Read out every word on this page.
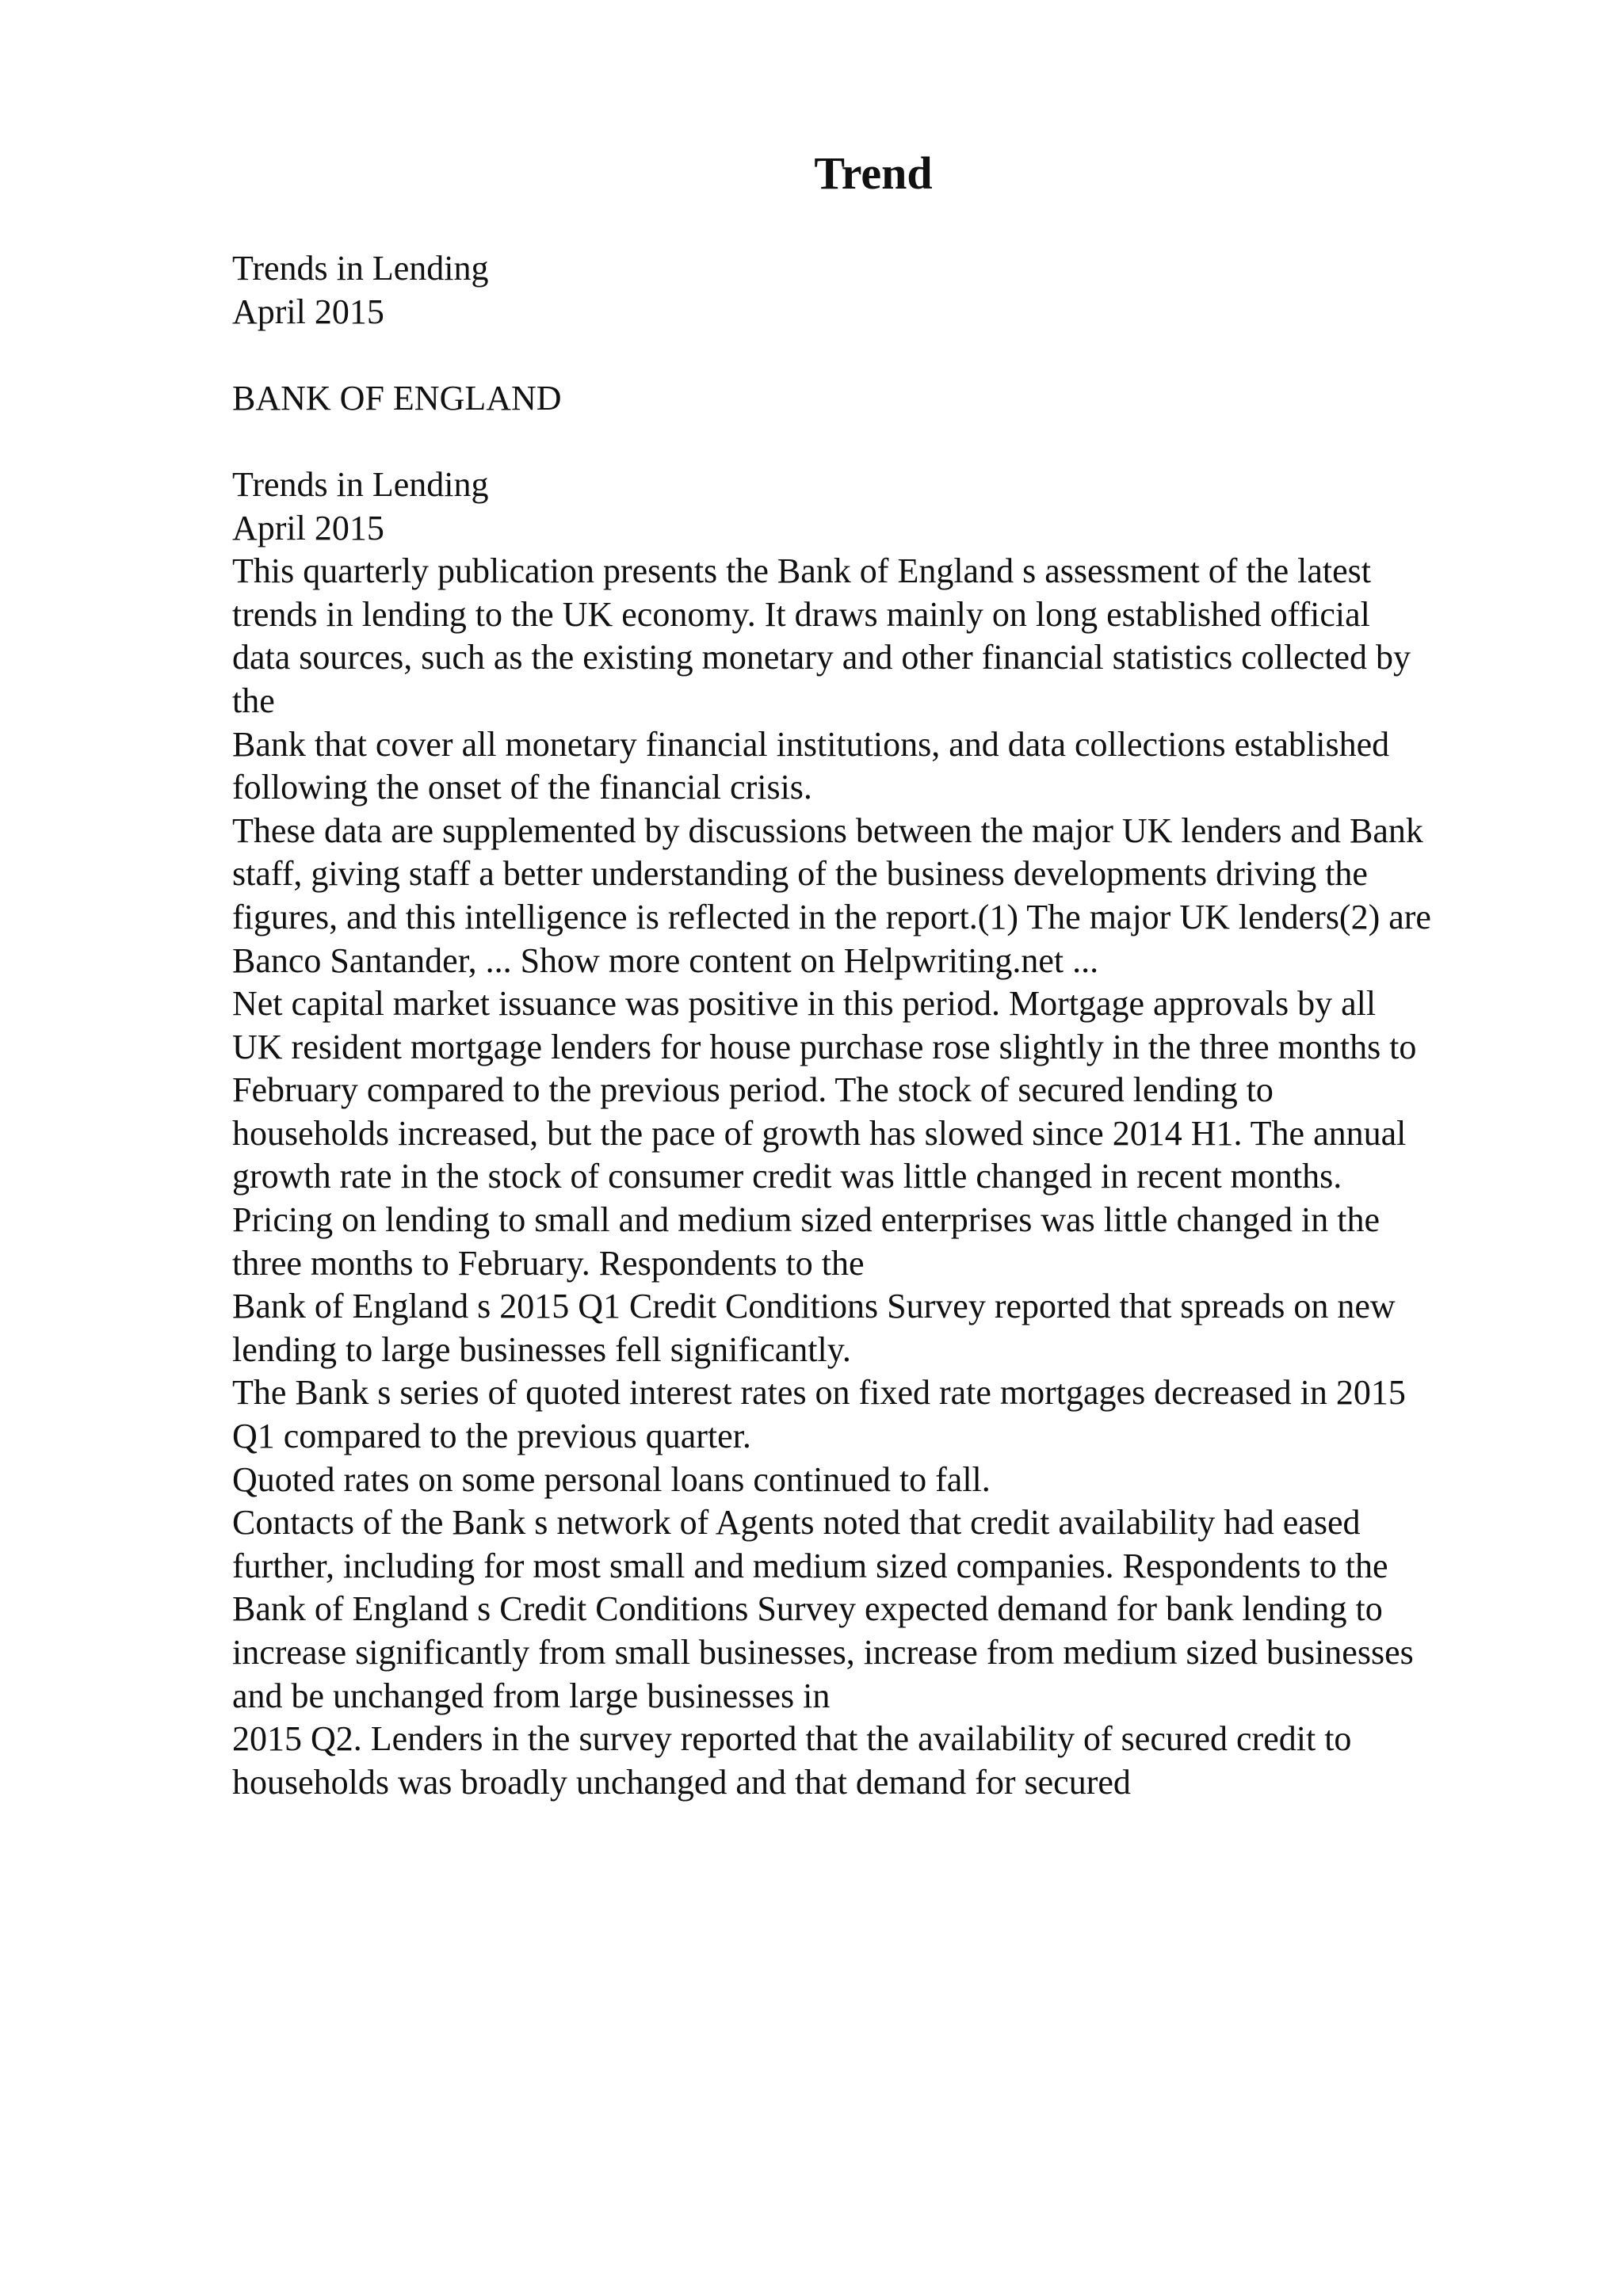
Trend
Trends in Lending
April 2015
BANK OF ENGLAND
Trends in Lending
April 2015
This quarterly publication presents the Bank of England s assessment of the latest
trends in lending to the UK economy. It draws mainly on long established official
data sources, such as the existing monetary and other financial statistics collected by
the
Bank that cover all monetary financial institutions, and data collections established
following the onset of the financial crisis.
These data are supplemented by discussions between the major UK lenders and Bank
staff, giving staff a better understanding of the business developments driving the
figures, and this intelligence is reflected in the report.(1) The major UK lenders(2) are
Banco Santander, ... Show more content on Helpwriting.net ...
Net capital market issuance was positive in this period. Mortgage approvals by all
UK resident mortgage lenders for house purchase rose slightly in the three months to
February compared to the previous period. The stock of secured lending to
households increased, but the pace of growth has slowed since 2014 H1. The annual
growth rate in the stock of consumer credit was little changed in recent months.
Pricing on lending to small and medium sized enterprises was little changed in the
three months to February. Respondents to the
Bank of England s 2015 Q1 Credit Conditions Survey reported that spreads on new
lending to large businesses fell significantly.
The Bank s series of quoted interest rates on fixed rate mortgages decreased in 2015
Q1 compared to the previous quarter.
Quoted rates on some personal loans continued to fall.
Contacts of the Bank s network of Agents noted that credit availability had eased
further, including for most small and medium sized companies. Respondents to the
Bank of England s Credit Conditions Survey expected demand for bank lending to
increase significantly from small businesses, increase from medium sized businesses
and be unchanged from large businesses in
2015 Q2. Lenders in the survey reported that the availability of secured credit to
households was broadly unchanged and that demand for secured
